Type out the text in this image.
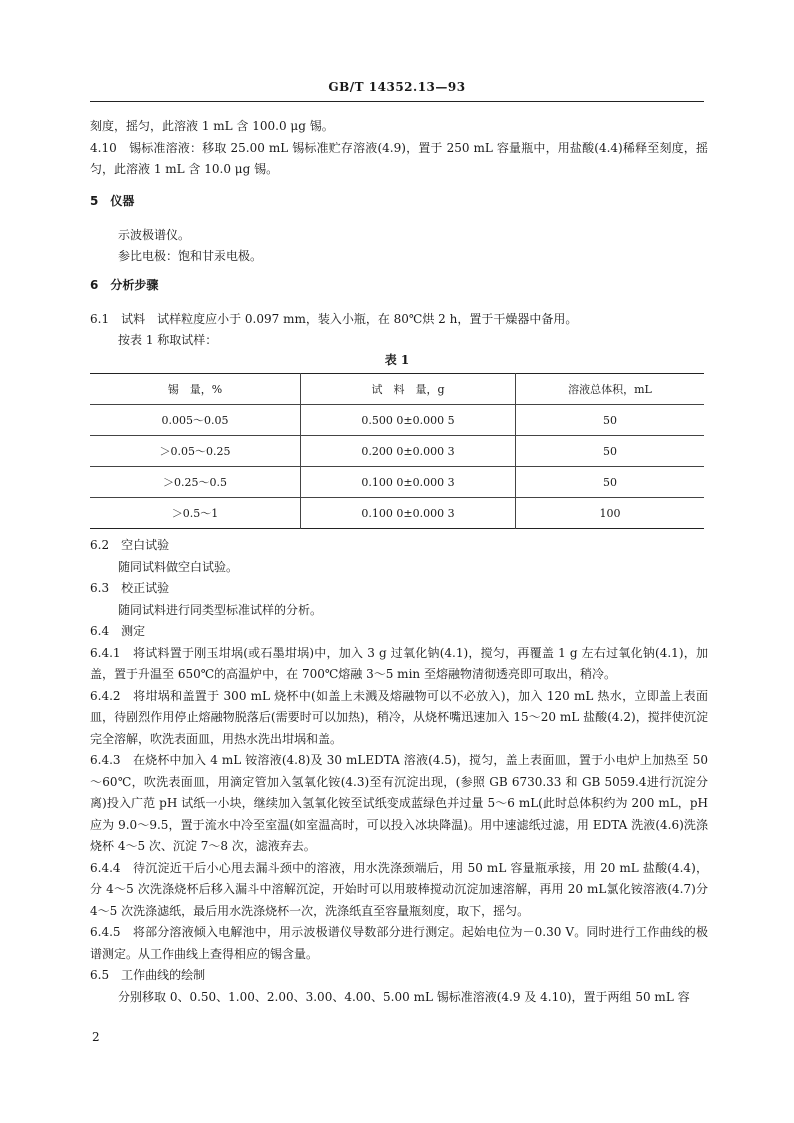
GB/T 14352.13—93

刻度，摇匀，此溶液 1 mL 含 100.0 μg 锡。

4.10　锡标准溶液：移取 25.00 mL 锡标准贮存溶液(4.9)，置于 250 mL 容量瓶中，用盐酸(4.4)稀释至刻度，摇匀，此溶液 1 mL 含 10.0 μg 锡。

5　仪器

示波极谱仪。

参比电极：饱和甘汞电极。

6　分析步骤

6.1　试料　试样粒度应小于 0.097 mm，装入小瓶，在 80℃烘 2 h，置于干燥器中备用。

按表 1 称取试样：

表 1
锡　量，%	试　料　量，g	溶液总体积，mL
0.005～0.05	0.500 0±0.000 5	50
＞0.05～0.25	0.200 0±0.000 3	50
＞0.25～0.5	0.100 0±0.000 3	50
＞0.5～1	0.100 0±0.000 3	100

6.2　空白试验

随同试料做空白试验。

6.3　校正试验

随同试料进行同类型标准试样的分析。

6.4　测定

6.4.1　将试料置于刚玉坩埚(或石墨坩埚)中，加入 3 g 过氧化钠(4.1)，搅匀，再覆盖 1 g 左右过氧化钠(4.1)，加盖，置于升温至 650℃的高温炉中，在 700℃熔融 3～5 min 至熔融物清彻透亮即可取出，稍冷。

6.4.2　将坩埚和盖置于 300 mL 烧杯中(如盖上未溅及熔融物可以不必放入)，加入 120 mL 热水，立即盖上表面皿，待剧烈作用停止熔融物脱落后(需要时可以加热)，稍冷，从烧杯嘴迅速加入 15～20 mL 盐酸(4.2)，搅拌使沉淀完全溶解，吹洗表面皿，用热水洗出坩埚和盖。

6.4.3　在烧杯中加入 4 mL 铵溶液(4.8)及 30 mLEDTA 溶液(4.5)，搅匀，盖上表面皿，置于小电炉上加热至 50～60℃，吹洗表面皿，用滴定管加入氢氧化铵(4.3)至有沉淀出现，(参照 GB 6730.33 和 GB 5059.4进行沉淀分离)投入广范 pH 试纸一小块，继续加入氢氧化铵至试纸变成蓝绿色并过量 5～6 mL(此时总体积约为 200 mL，pH 应为 9.0～9.5，置于流水中冷至室温(如室温高时，可以投入冰块降温)。用中速滤纸过滤，用 EDTA 洗液(4.6)洗涤烧杯 4～5 次、沉淀 7～8 次，滤液弃去。

6.4.4　待沉淀近干后小心甩去漏斗颈中的溶液，用水洗涤颈端后，用 50 mL 容量瓶承接，用 20 mL 盐酸(4.4)，分 4～5 次洗涤烧杯后移入漏斗中溶解沉淀，开始时可以用玻棒搅动沉淀加速溶解，再用 20 mL氯化铵溶液(4.7)分 4～5 次洗涤滤纸，最后用水洗涤烧杯一次，洗涤纸直至容量瓶刻度，取下，摇匀。

6.4.5　将部分溶液倾入电解池中，用示波极谱仪导数部分进行测定。起始电位为－0.30 V。同时进行工作曲线的极谱测定。从工作曲线上查得相应的锡含量。

6.5　工作曲线的绘制

分别移取 0、0.50、1.00、2.00、3.00、4.00、5.00 mL 锡标准溶液(4.9 及 4.10)，置于两组 50 mL 容

2
